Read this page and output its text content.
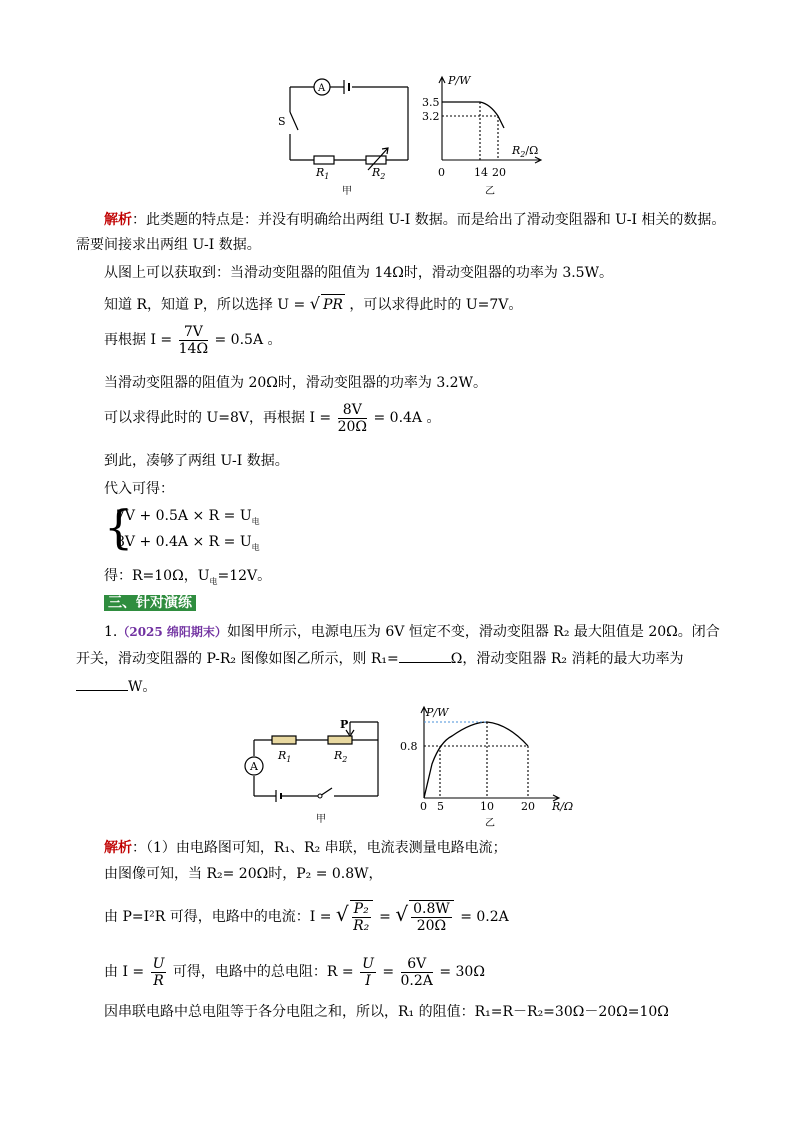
A
S
$R_1$	$R_2$
甲
P/W
3.5
3.2
$R_2/\Omega$
0	14 20
乙
解析：此类题的特点是：并没有明确给出两组 U-I 数据。而是给出了滑动变阻器和 U-I 相关的数据。
需要间接求出两组 U-I 数据。
从图上可以获取到：当滑动变阻器的阻值为 14Ω时，滑动变阻器的功率为 3.5W。
知道 R，知道 P，所以选择 U = √ PR ，可以求得此时的 U=7V。
再根据 $I = \frac{7V}{14\Omega} = 0.5A$ 。
当滑动变阻器的阻值为 20Ω时，滑动变阻器的功率为 3.2W。
可以求得此时的 U=8V，再根据 $I = \frac{8V}{20\Omega} = 0.4A$ 。
到此，凑够了两组 U-I 数据。
代入可得：
{
$7V + 0.5A \times R = U_电$
$8V + 0.4A \times R = U_电$
得：R=10Ω，$U_电=12V$。
三、针对演练
1.（2025 绵阳期末）如图甲所示，电源电压为 6V 恒定不变，滑动变阻器 R₂ 最大阻值是 20Ω。闭合
开关，滑动变阻器的 P-R₂ 图像如图乙所示，则 R₁=	Ω，滑动变阻器 R₂ 消耗的最大功率为
W。
A
P
$R_1$	$R_2$
甲
P/W
0.8
0 5	10 20 R/Ω
乙
解析：（1）由电路图可知，R₁、R₂ 串联，电流表测量电路电流；
由图像可知，当 R₂= 20Ω时，P₂ = 0.8W，
由 P=I²R 可得，电路中的电流：I = √ $\frac{\text{P₂}}{\text{R₂}}$ = √ $\frac{0.8W}{20\Omega} = 0.2A$
由 $I = \frac{U}{R}$ 可得，电路中的总电阻：$R = \frac{U}{I} = \frac{6V}{0.2A} = 30\Omega$
因串联电路中总电阻等于各分电阻之和，所以，R₁ 的阻值：R₁=R－R₂=30Ω－20Ω=10Ω
